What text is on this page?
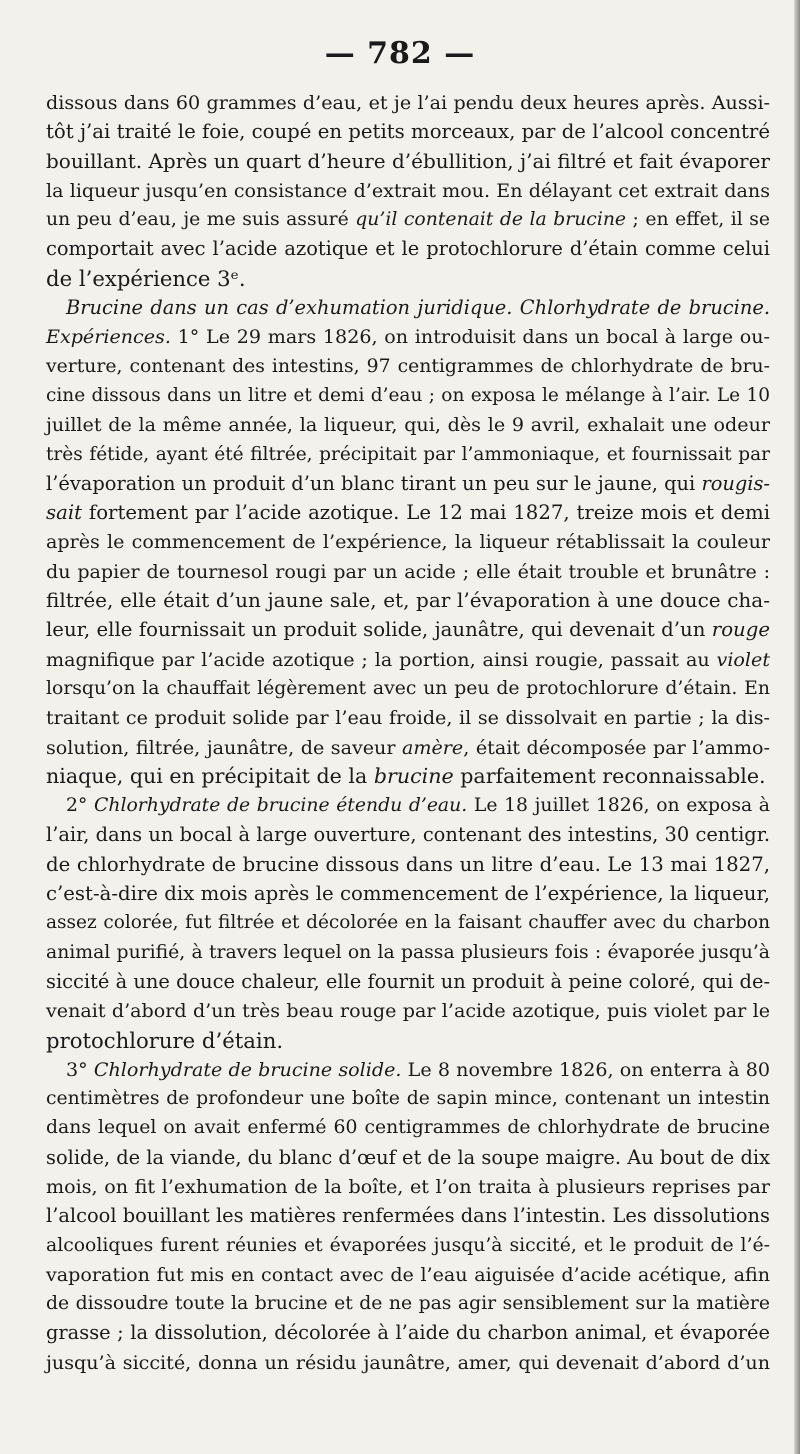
— 782 —
dissous dans 60 grammes d’eau, et je l’ai pendu deux heures après. Aussi-
tôt j’ai traité le foie, coupé en petits morceaux, par de l’alcool concentré
bouillant. Après un quart d’heure d’ébullition, j’ai filtré et fait évaporer
la liqueur jusqu’en consistance d’extrait mou. En délayant cet extrait dans
un peu d’eau, je me suis assuré qu’il contenait de la brucine ; en effet, il se
comportait avec l’acide azotique et le protochlorure d’étain comme celui
de l’expérience 3ᵉ.
Brucine dans un cas d’exhumation juridique. Chlorhydrate de brucine.
Expériences. 1° Le 29 mars 1826, on introduisit dans un bocal à large ou-
verture, contenant des intestins, 97 centigrammes de chlorhydrate de bru-
cine dissous dans un litre et demi d’eau ; on exposa le mélange à l’air. Le 10
juillet de la même année, la liqueur, qui, dès le 9 avril, exhalait une odeur
très fétide, ayant été filtrée, précipitait par l’ammoniaque, et fournissait par
l’évaporation un produit d’un blanc tirant un peu sur le jaune, qui rougis-
sait fortement par l’acide azotique. Le 12 mai 1827, treize mois et demi
après le commencement de l’expérience, la liqueur rétablissait la couleur
du papier de tournesol rougi par un acide ; elle était trouble et brunâtre :
filtrée, elle était d’un jaune sale, et, par l’évaporation à une douce cha-
leur, elle fournissait un produit solide, jaunâtre, qui devenait d’un rouge
magnifique par l’acide azotique ; la portion, ainsi rougie, passait au violet
lorsqu’on la chauffait légèrement avec un peu de protochlorure d’étain. En
traitant ce produit solide par l’eau froide, il se dissolvait en partie ; la dis-
solution, filtrée, jaunâtre, de saveur amère, était décomposée par l’ammo-
niaque, qui en précipitait de la brucine parfaitement reconnaissable.
2° Chlorhydrate de brucine étendu d’eau. Le 18 juillet 1826, on exposa à
l’air, dans un bocal à large ouverture, contenant des intestins, 30 centigr.
de chlorhydrate de brucine dissous dans un litre d’eau. Le 13 mai 1827,
c’est-à-dire dix mois après le commencement de l’expérience, la liqueur,
assez colorée, fut filtrée et décolorée en la faisant chauffer avec du charbon
animal purifié, à travers lequel on la passa plusieurs fois : évaporée jusqu’à
siccité à une douce chaleur, elle fournit un produit à peine coloré, qui de-
venait d’abord d’un très beau rouge par l’acide azotique, puis violet par le
protochlorure d’étain.
3° Chlorhydrate de brucine solide. Le 8 novembre 1826, on enterra à 80
centimètres de profondeur une boîte de sapin mince, contenant un intestin
dans lequel on avait enfermé 60 centigrammes de chlorhydrate de brucine
solide, de la viande, du blanc d’œuf et de la soupe maigre. Au bout de dix
mois, on fit l’exhumation de la boîte, et l’on traita à plusieurs reprises par
l’alcool bouillant les matières renfermées dans l’intestin. Les dissolutions
alcooliques furent réunies et évaporées jusqu’à siccité, et le produit de l’é-
vaporation fut mis en contact avec de l’eau aiguisée d’acide acétique, afin
de dissoudre toute la brucine et de ne pas agir sensiblement sur la matière
grasse ; la dissolution, décolorée à l’aide du charbon animal, et évaporée
jusqu’à siccité, donna un résidu jaunâtre, amer, qui devenait d’abord d’un
